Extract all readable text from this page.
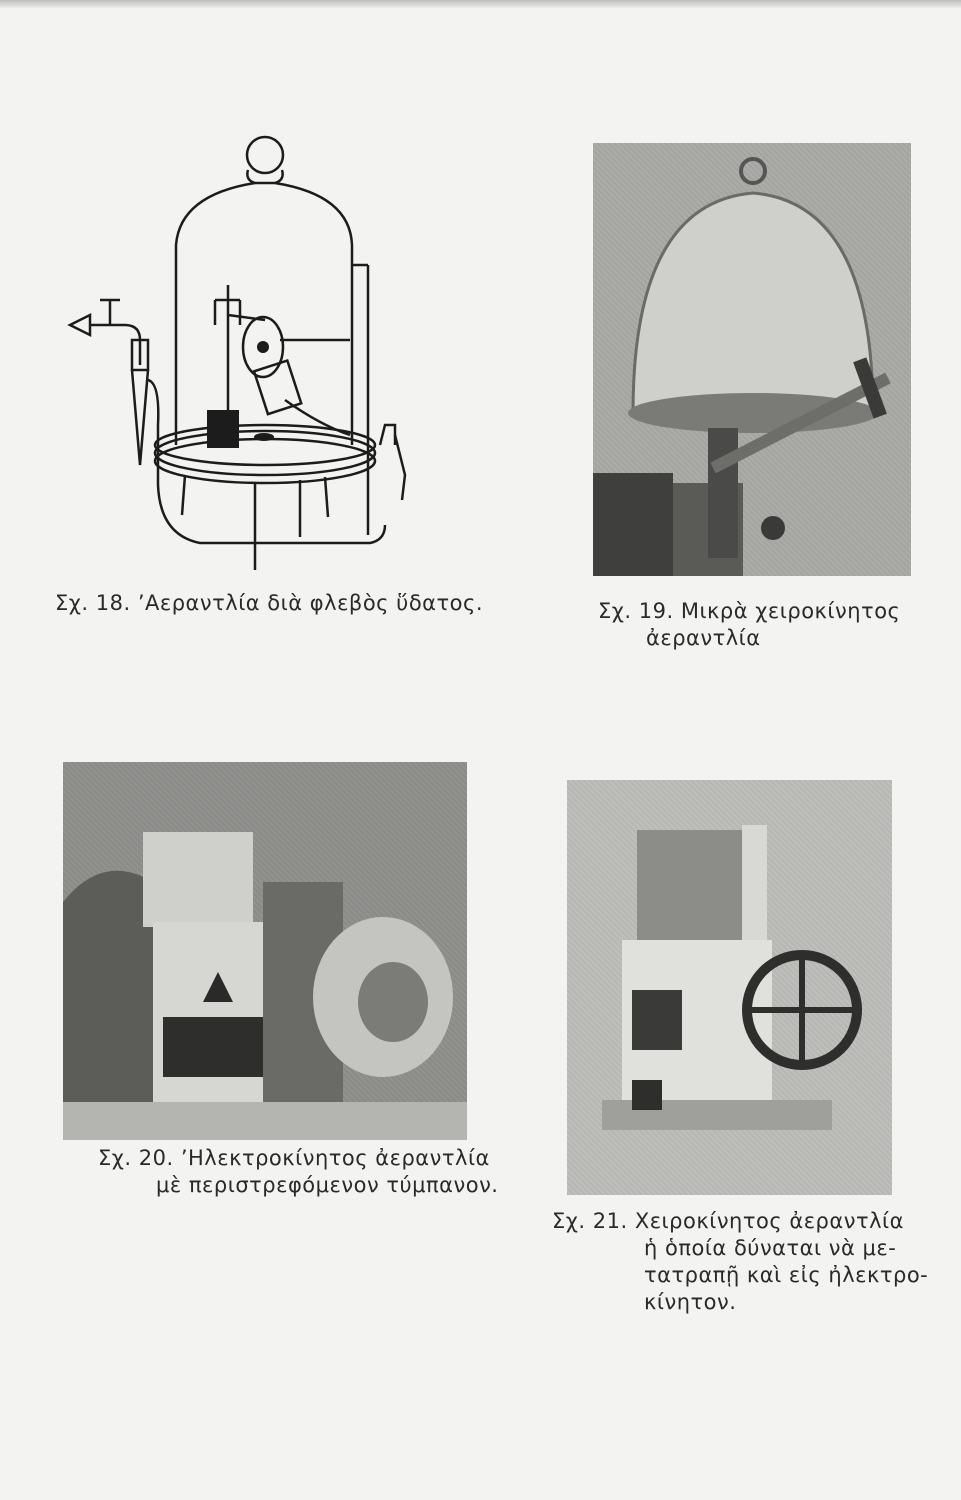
Σχ. 18. ’Αεραντλία διὰ φλεβὸς ὕδατος.	Σχ. 19. Μικρὰ χειροκίνητος
ἀεραντλία
Σχ. 20. ’Ηλεκτροκίνητος ἀεραντλία
μὲ περιστρεφόμενον τύμπανον.
Σχ. 21. Χειροκίνητος ἀεραντλία
ἡ ὁποία δύναται νὰ με-
τατραπῇ καὶ εἰς ἠλεκτρο-
κίνητον.
